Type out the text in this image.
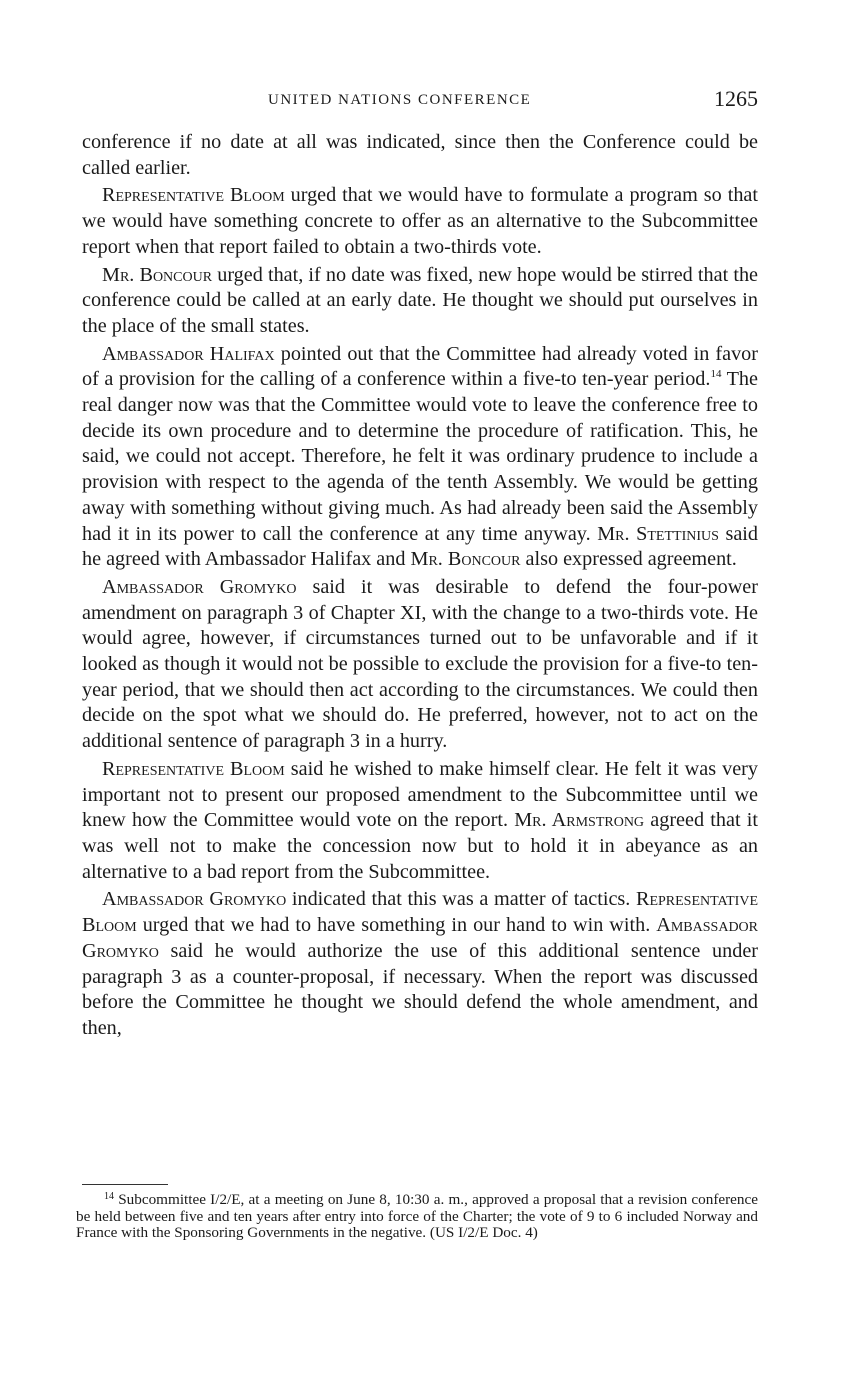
UNITED NATIONS CONFERENCE	1265

conference if no date at all was indicated, since then the Conference could be called earlier.

Representative Bloom urged that we would have to formulate a program so that we would have something concrete to offer as an alternative to the Subcommittee report when that report failed to obtain a two-thirds vote.

Mr. Boncour urged that, if no date was fixed, new hope would be stirred that the conference could be called at an early date. He thought we should put ourselves in the place of the small states.

Ambassador Halifax pointed out that the Committee had already voted in favor of a provision for the calling of a conference within a five-to ten-year period.$^{14}$ The real danger now was that the Committee would vote to leave the conference free to decide its own procedure and to determine the procedure of ratification. This, he said, we could not accept. Therefore, he felt it was ordinary prudence to include a provision with respect to the agenda of the tenth Assembly. We would be getting away with something without giving much. As had already been said the Assembly had it in its power to call the conference at any time anyway. Mr. Stettinius said he agreed with Ambassador Halifax and Mr. Boncour also expressed agreement.

Ambassador Gromyko said it was desirable to defend the four-power amendment on paragraph 3 of Chapter XI, with the change to a two-thirds vote. He would agree, however, if circumstances turned out to be unfavorable and if it looked as though it would not be possible to exclude the provision for a five-to ten-year period, that we should then act according to the circumstances. We could then decide on the spot what we should do. He preferred, however, not to act on the additional sentence of paragraph 3 in a hurry.

Representative Bloom said he wished to make himself clear. He felt it was very important not to present our proposed amendment to the Subcommittee until we knew how the Committee would vote on the report. Mr. Armstrong agreed that it was well not to make the concession now but to hold it in abeyance as an alternative to a bad report from the Subcommittee.

Ambassador Gromyko indicated that this was a matter of tactics. Representative Bloom urged that we had to have something in our hand to win with. Ambassador Gromyko said he would authorize the use of this additional sentence under paragraph 3 as a counter-proposal, if necessary. When the report was discussed before the Committee he thought we should defend the whole amendment, and then,

$^{14}$ Subcommittee I/2/E, at a meeting on June 8, 10:30 a. m., approved a proposal that a revision conference be held between five and ten years after entry into force of the Charter; the vote of 9 to 6 included Norway and France with the Sponsoring Governments in the negative. (US I/2/E Doc. 4)
